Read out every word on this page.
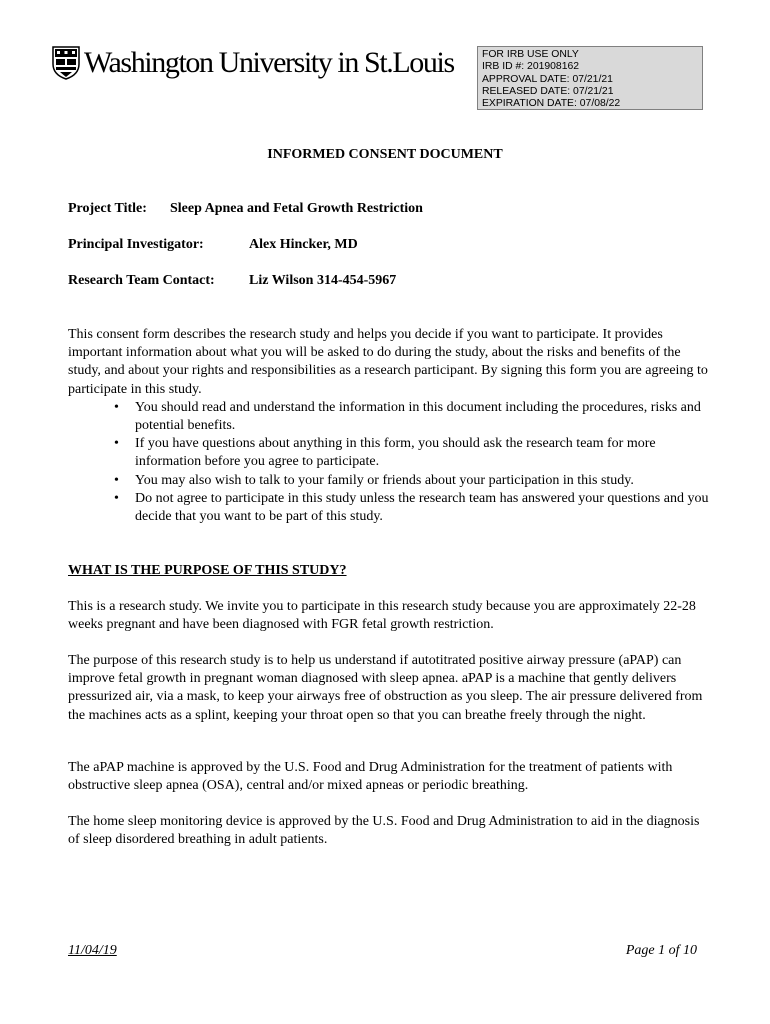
Washington University in St.Louis	FOR IRB USE ONLY
IRB ID #: 201908162
APPROVAL DATE: 07/21/21
RELEASED DATE: 07/21/21
EXPIRATION DATE: 07/08/22
INFORMED CONSENT DOCUMENT
Project Title: Sleep Apnea and Fetal Growth Restriction
Principal Investigator:	Alex Hincker, MD
Research Team Contact: Liz Wilson 314-454-5967

This consent form describes the research study and helps you decide if you want to participate. It provides important information about what you will be asked to do during the study, about the risks and benefits of the study, and about your rights and responsibilities as a research participant. By signing this form you are agreeing to participate in this study.

• You should read and understand the information in this document including the procedures, risks and potential benefits.
• If you have questions about anything in this form, you should ask the research team for more information before you agree to participate.
• You may also wish to talk to your family or friends about your participation in this study.
• Do not agree to participate in this study unless the research team has answered your questions and you decide that you want to be part of this study.
WHAT IS THE PURPOSE OF THIS STUDY?
This is a research study. We invite you to participate in this research study because you are approximately 22-28 weeks pregnant and have been diagnosed with FGR fetal growth restriction.
The purpose of this research study is to help us understand if autotitrated positive airway pressure (aPAP) can improve fetal growth in pregnant woman diagnosed with sleep apnea. aPAP is a machine that gently delivers pressurized air, via a mask, to keep your airways free of obstruction as you sleep. The air pressure delivered from the machines acts as a splint, keeping your throat open so that you can breathe freely through the night.
The aPAP machine is approved by the U.S. Food and Drug Administration for the treatment of patients with obstructive sleep apnea (OSA), central and/or mixed apneas or periodic breathing.
The home sleep monitoring device is approved by the U.S. Food and Drug Administration to aid in the diagnosis of sleep disordered breathing in adult patients.
11/04/19	Page 1 of 10
